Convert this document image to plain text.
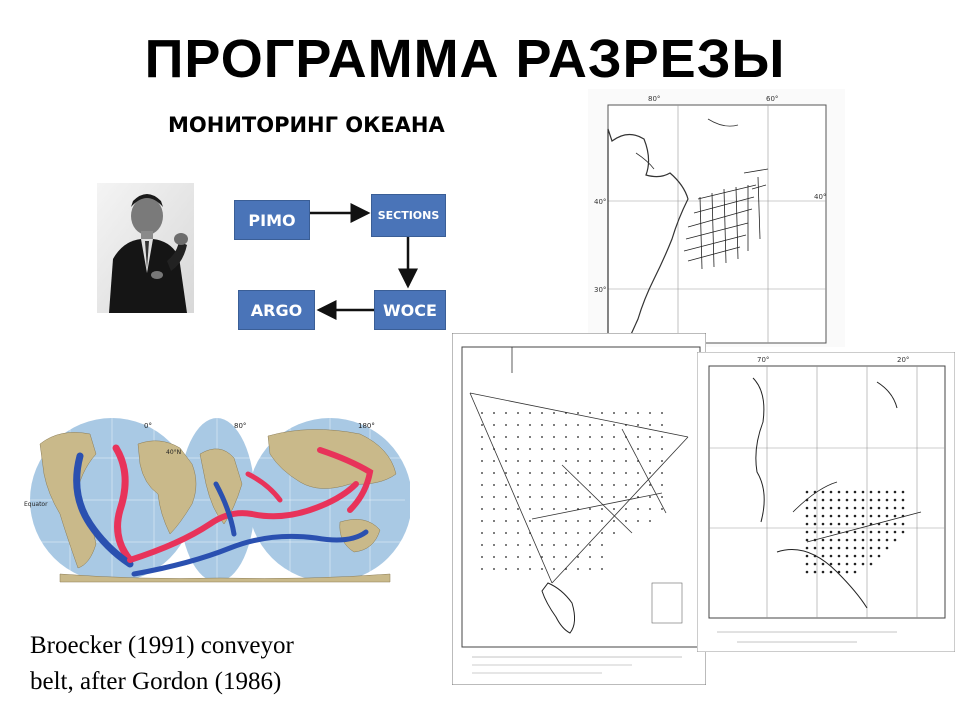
ПРОГРАММА РАЗРЕЗЫ
МОНИТОРИНГ ОКЕАНА
PIMO	SECTIONS
WOCE
ARGO
Equator
0°	80°	180°
40°N
Broecker (1991) conveyor
belt, after Gordon (1986)
80°	60°
40°
40°
30°
70°	20°
